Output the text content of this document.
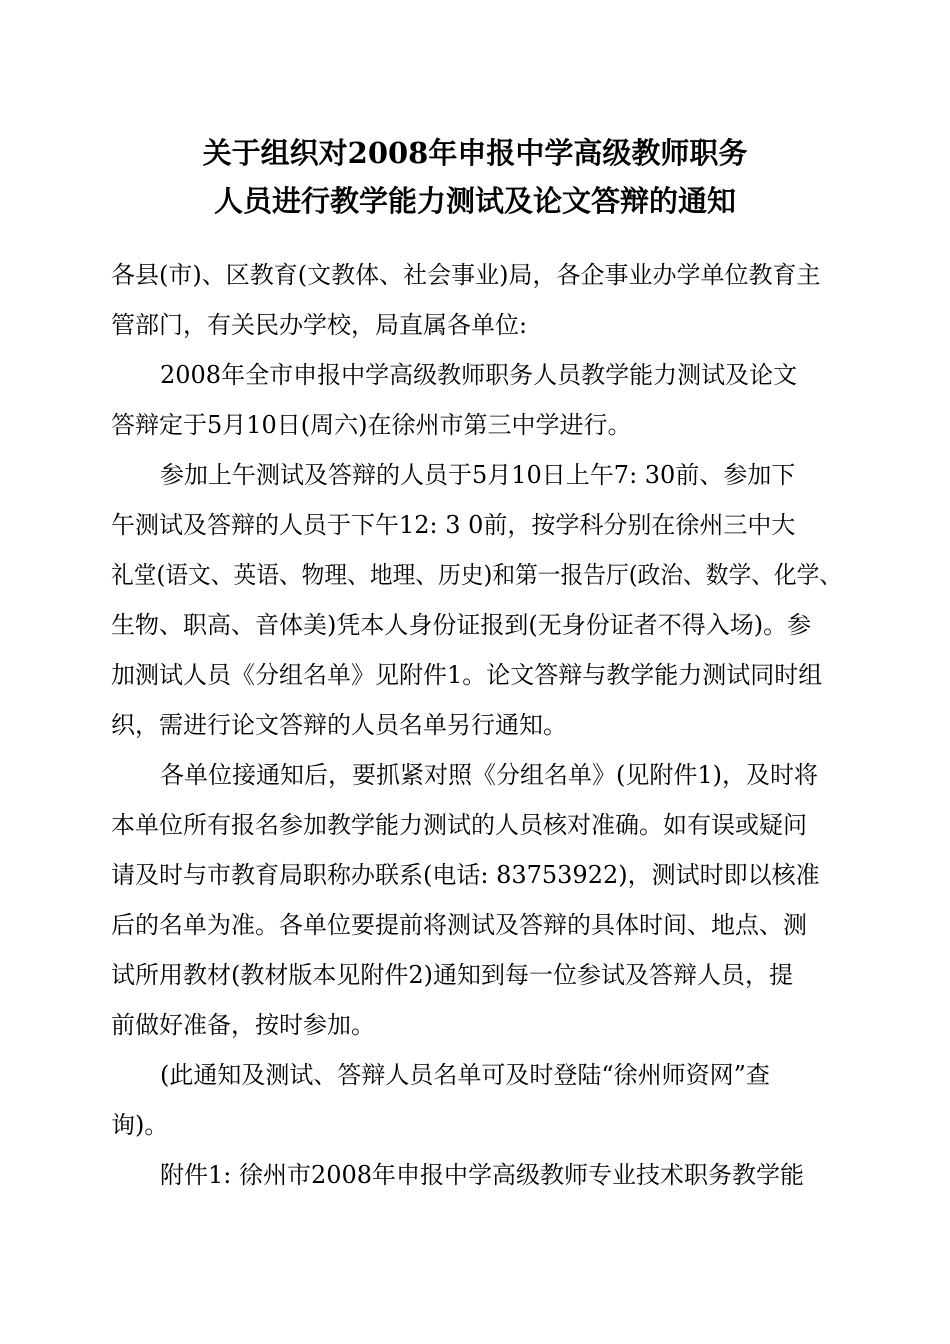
关于组织对2008年申报中学高级教师职务
人员进行教学能力测试及论文答辩的通知
各县(市)、区教育(文教体、社会事业)局，各企事业办学单位教育主
管部门，有关民办学校，局直属各单位:
2008年全市申报中学高级教师职务人员教学能力测试及论文
答辩定于5月10日(周六)在徐州市第三中学进行。
参加上午测试及答辩的人员于5月10日上午7: 30前、参加下
午测试及答辩的人员于下午12: 3 0前，按学科分别在徐州三中大
礼堂(语文、英语、物理、地理、历史)和第一报告厅(政治、数学、化学、
生物、职高、音体美)凭本人身份证报到(无身份证者不得入场)。参
加测试人员《分组名单》见附件1。论文答辩与教学能力测试同时组
织，需进行论文答辩的人员名单另行通知。
各单位接通知后，要抓紧对照《分组名单》(见附件1)，及时将
本单位所有报名参加教学能力测试的人员核对准确。如有误或疑问
请及时与市教育局职称办联系(电话: 83753922)，测试时即以核准
后的名单为准。各单位要提前将测试及答辩的具体时间、地点、测
试所用教材(教材版本见附件2)通知到每一位参试及答辩人员，提
前做好准备，按时参加。
(此通知及测试、答辩人员名单可及时登陆“徐州师资网”查
询)。
附件1: 徐州市2008年申报中学高级教师专业技术职务教学能
